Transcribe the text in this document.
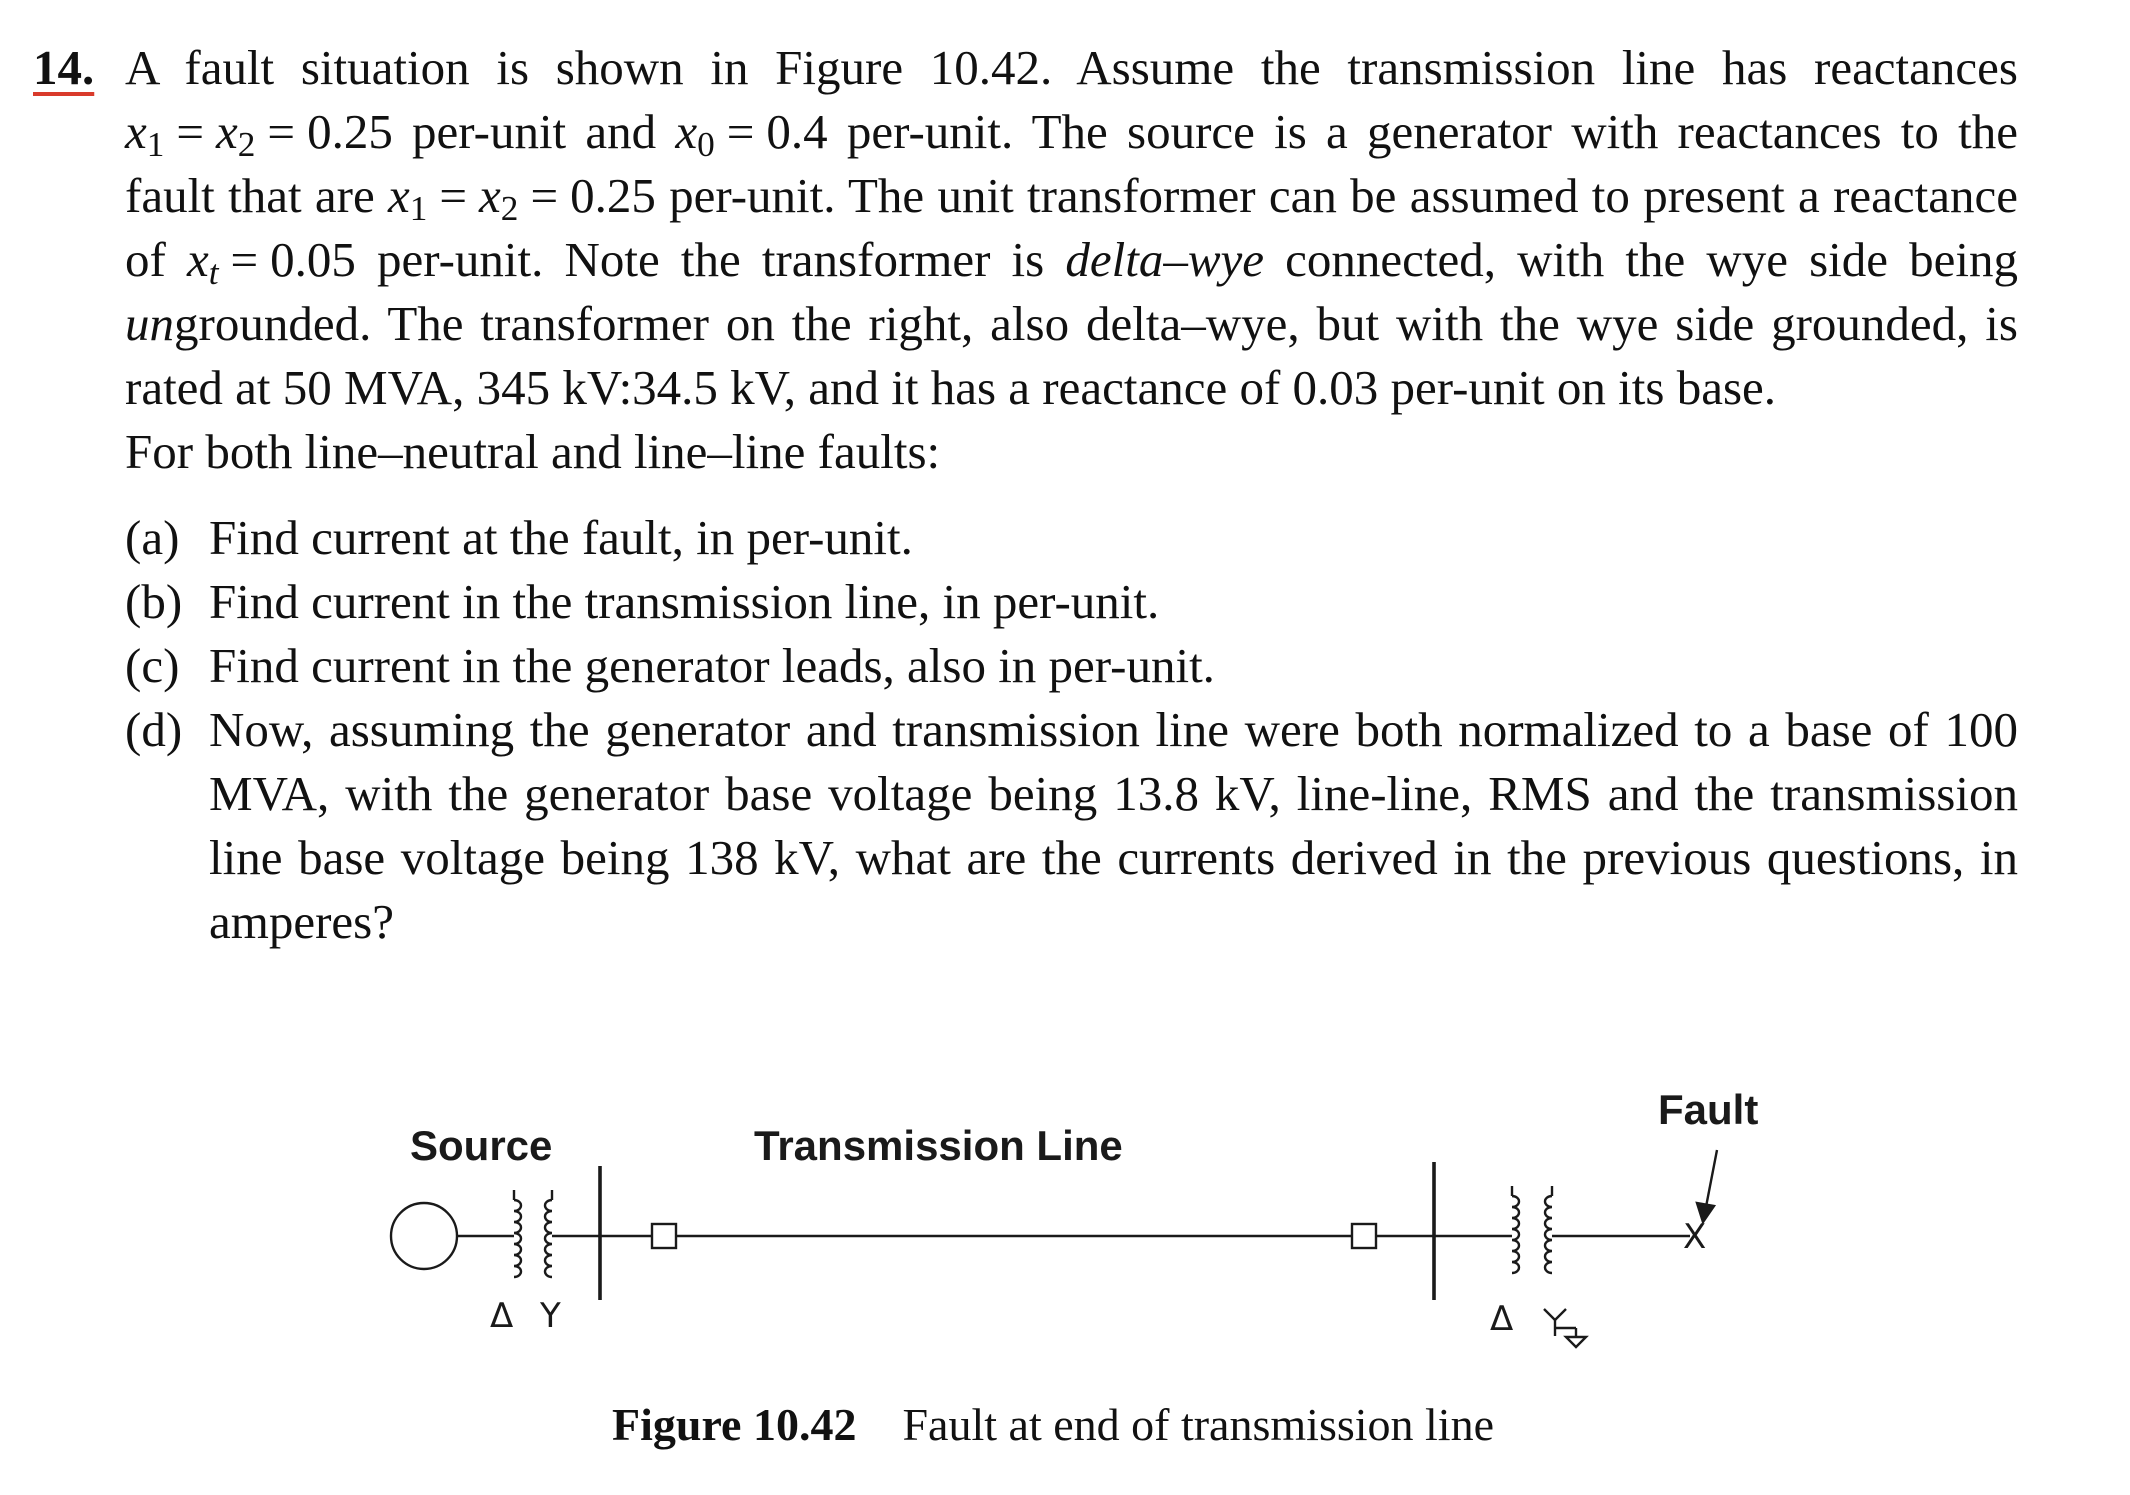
14. A fault situation is shown in Figure 10.42. Assume the transmission line has reactances $x_1 = x_2 = 0.25$ per-unit and $x_0 = 0.4$ per-unit. The source is a generator with reactances to the fault that are $x_1 = x_2 = 0.25$ per-unit. The unit transformer can be assumed to present a reactance of xt = 0.05 per-unit. Note the transformer is delta–wye connected, with the wye side being ungrounded. The transformer on the right, also delta–wye, but with the wye side grounded, is rated at 50 MVA, 345 kV:34.5 kV, and it has a reactance of 0.03 per-unit on its base.

For both line–neutral and line–line faults:

(a) Find current at the fault, in per-unit.
(b) Find current in the transmission line, in per-unit.
(c) Find current in the generator leads, also in per-unit.
(d) Now, assuming the generator and transmission line were both normalized to a base of 100 MVA, with the generator base voltage being 13.8 kV, line-line, RMS and the transmission line base voltage being 138 kV, what are the currents derived in the previous questions, in amperes?
Source	Transmission Line
Fault
Δ Y	Δ
X
Figure 10.42 Fault at end of transmission line
